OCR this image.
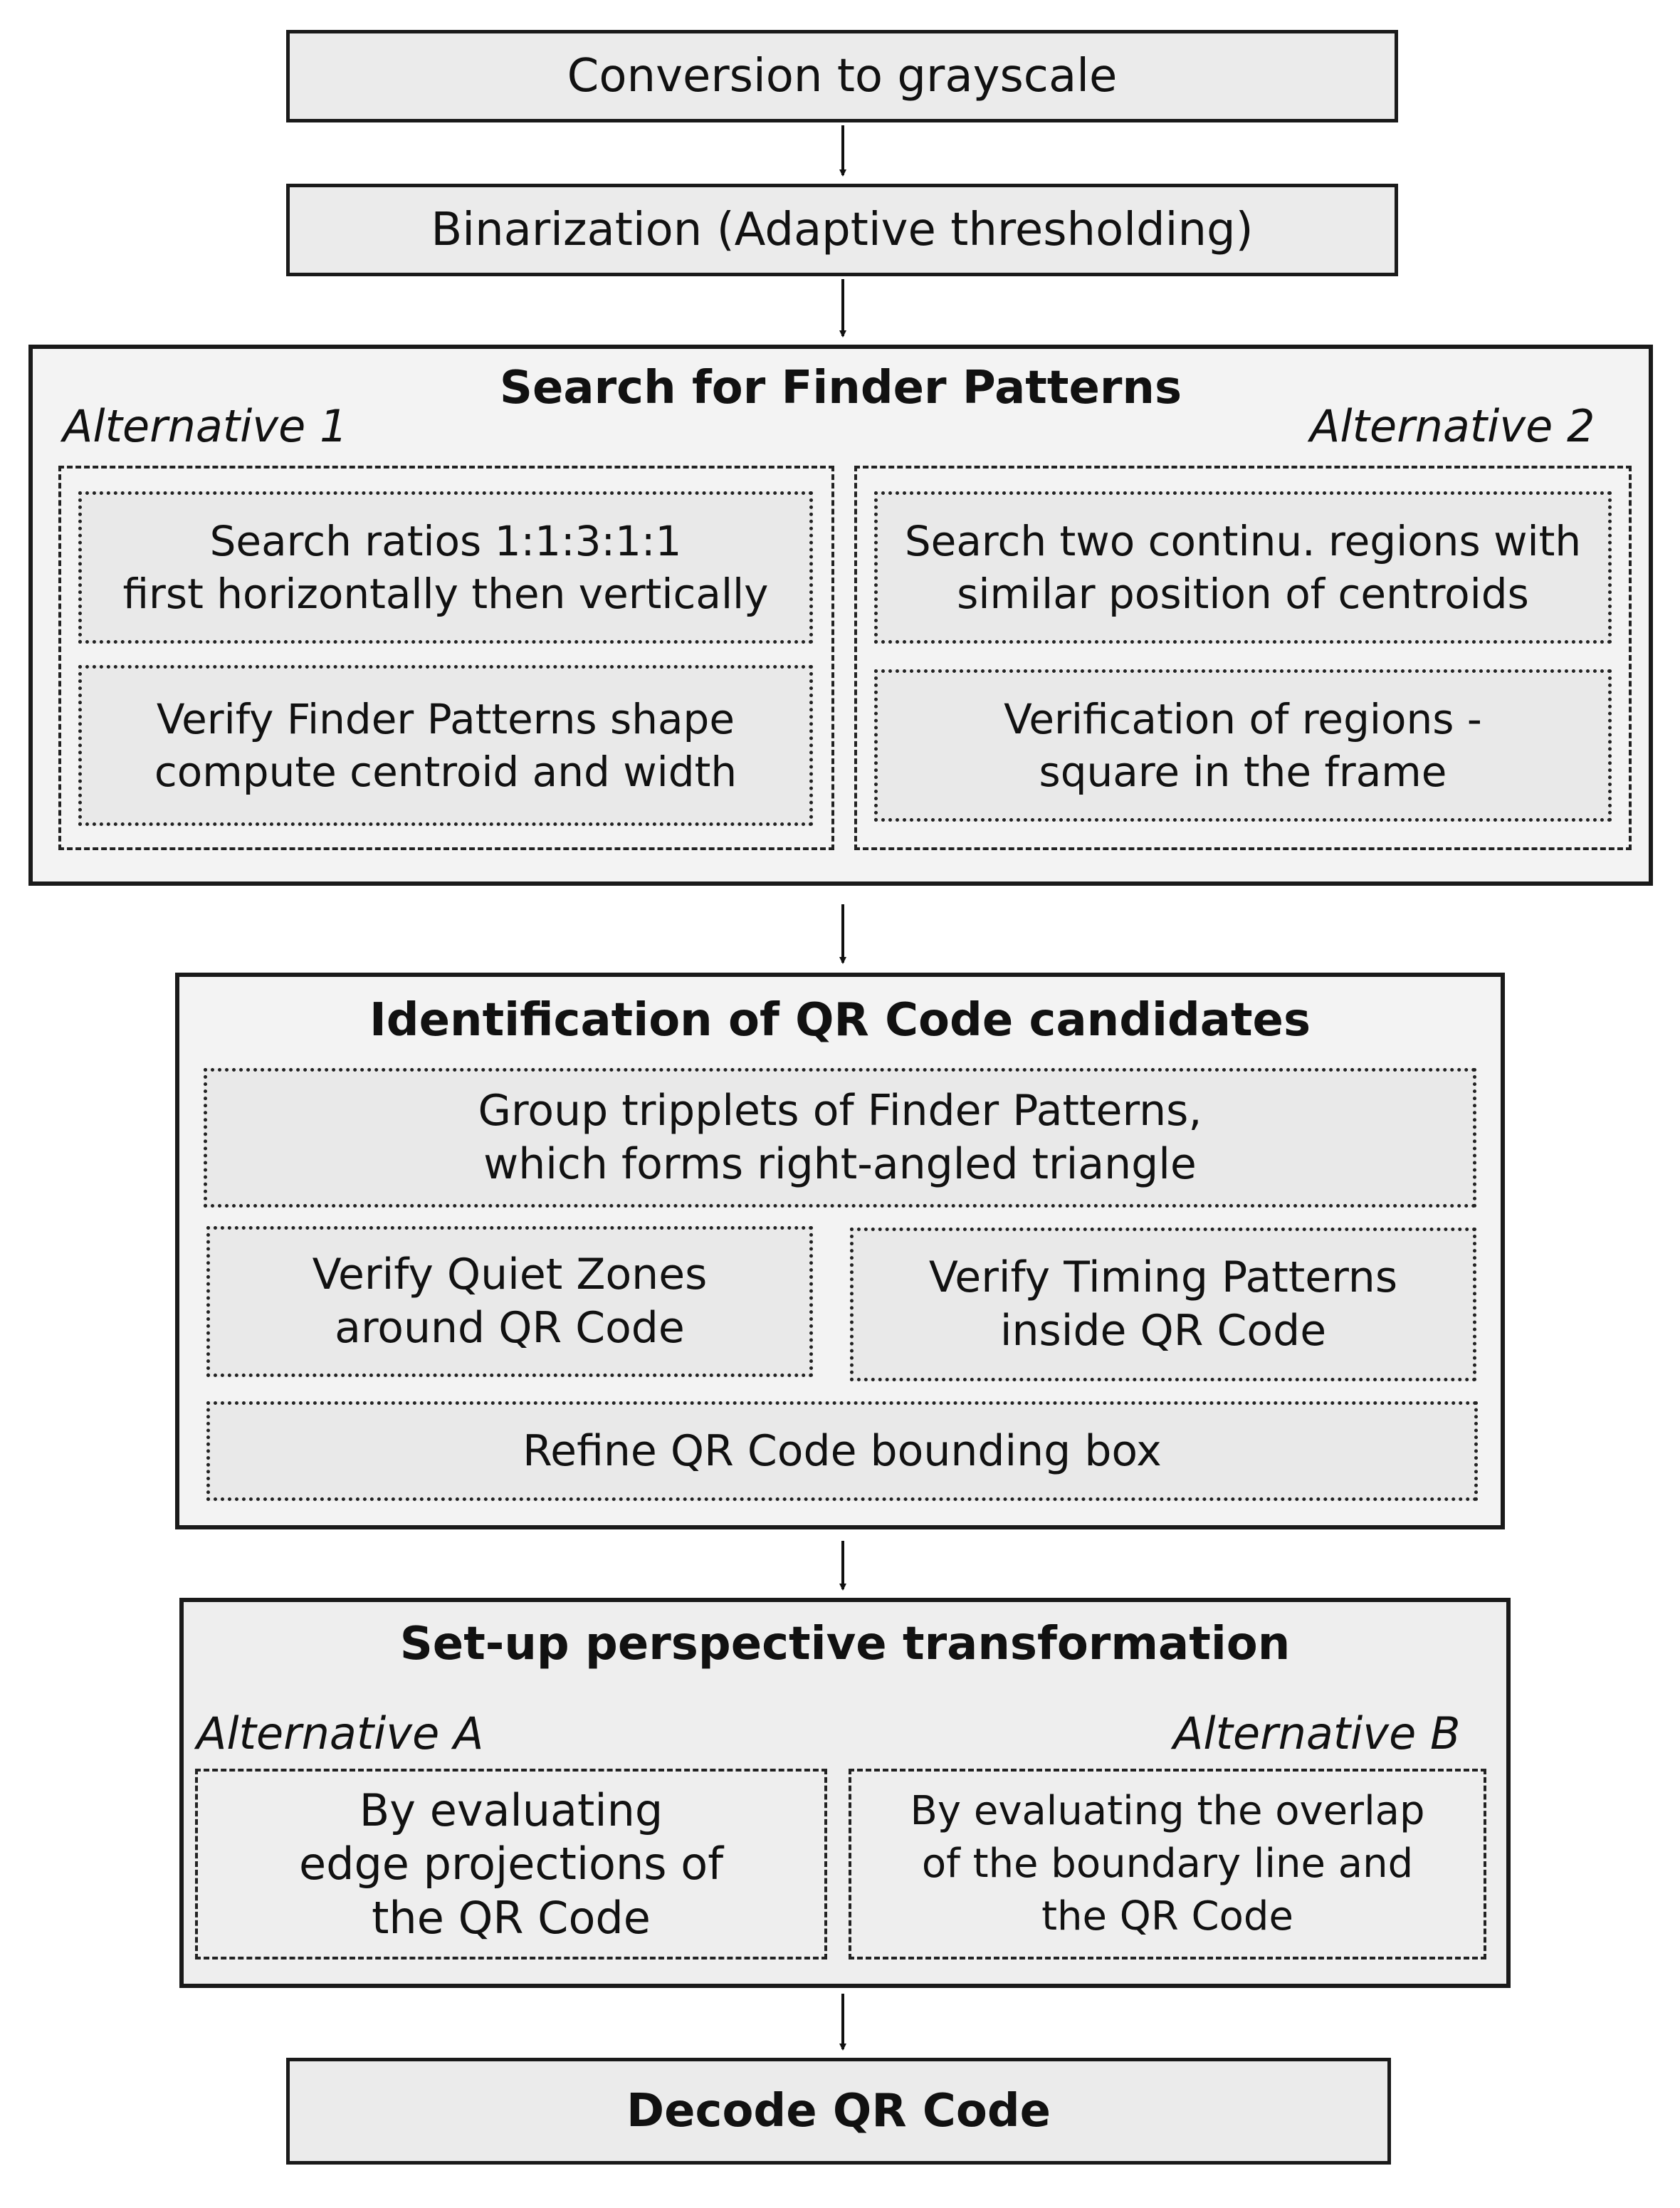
Conversion to grayscale
Binarization (Adaptive thresholding)
Search for Finder Patterns
Alternative 1	Alternative 2
Search ratios 1:1:3:1:1
first horizontally then vertically
Verify Finder Patterns shape
compute centroid and width
Search two continu. regions with
similar position of centroids
Verification of regions -
square in the frame
Identification of QR Code candidates
Group tripplets of Finder Patterns,
which forms right-angled triangle
Verify Quiet Zones
around QR Code
Verify Timing Patterns
inside QR Code
Refine QR Code bounding box
Set-up perspective transformation
Alternative A	Alternative B
By evaluating
edge projections of
the QR Code
By evaluating the overlap
of the boundary line and
the QR Code
Decode QR Code
